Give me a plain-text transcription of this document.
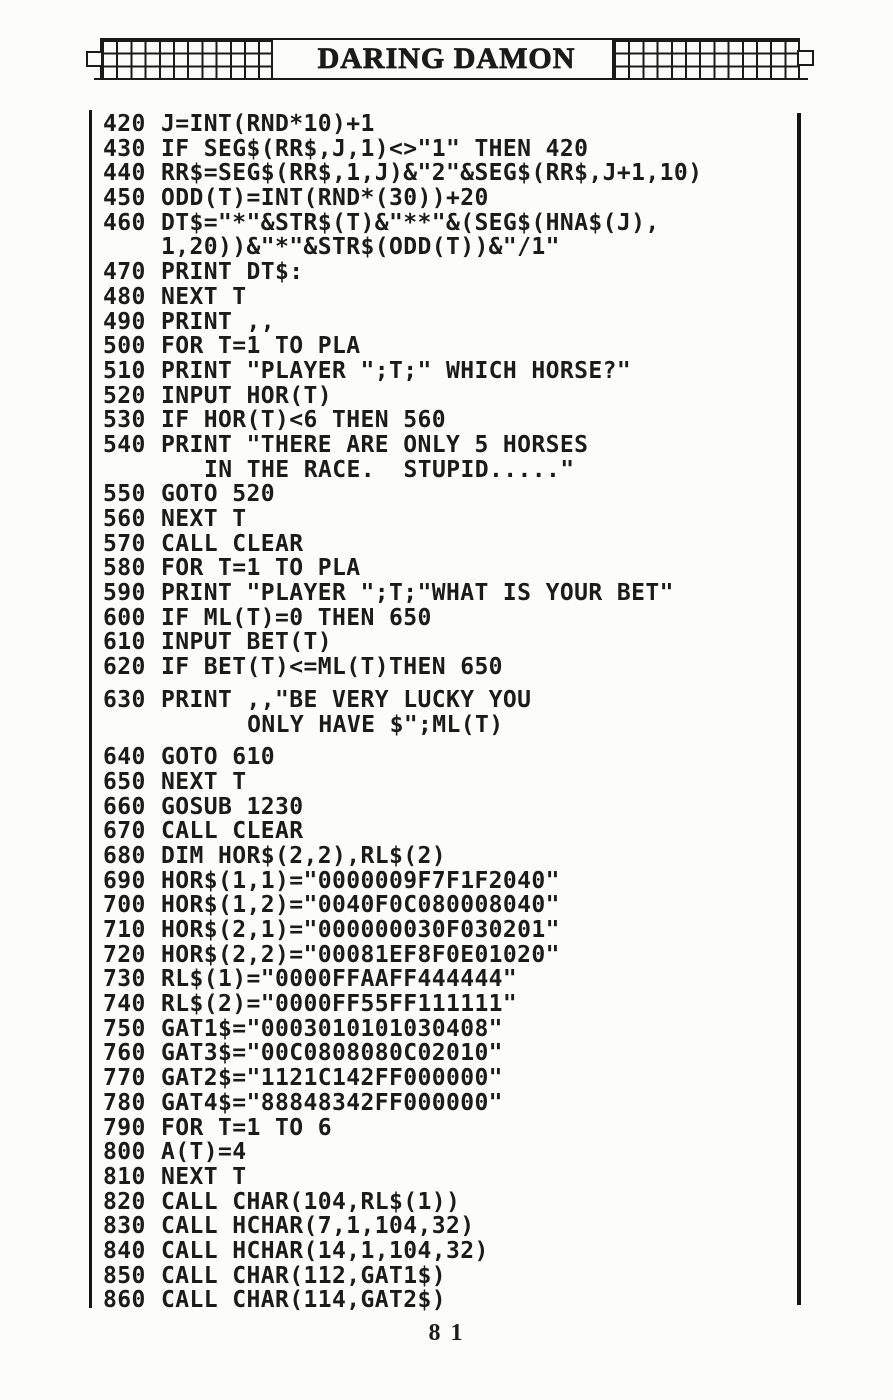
DARING DAMON
420 J=INT(RND*10)+1
430 IF SEG$(RR$,J,1)<>"1" THEN 420
440 RR$=SEG$(RR$,1,J)&"2"&SEG$(RR$,J+1,10)
450 ODD(T)=INT(RND*(30))+20
460 DT$="*"&STR$(T)&"**"&(SEG$(HNA$(J),
1,20))&"*"&STR$(ODD(T))&"/1"
470 PRINT DT$:
480 NEXT T
490 PRINT ,,
500 FOR T=1 TO PLA
510 PRINT "PLAYER ";T;" WHICH HORSE?"
520 INPUT HOR(T)
530 IF HOR(T)<6 THEN 560
540 PRINT "THERE ARE ONLY 5 HORSES
IN THE RACE.  STUPID....."
550 GOTO 520
560 NEXT T
570 CALL CLEAR
580 FOR T=1 TO PLA
590 PRINT "PLAYER ";T;"WHAT IS YOUR BET"
600 IF ML(T)=0 THEN 650
610 INPUT BET(T)
620 IF BET(T)<=ML(T)THEN 650
630 PRINT ,,"BE VERY LUCKY YOU
ONLY HAVE $";ML(T)
640 GOTO 610
650 NEXT T
660 GOSUB 1230
670 CALL CLEAR
680 DIM HOR$(2,2),RL$(2)
690 HOR$(1,1)="0000009F7F1F2040"
700 HOR$(1,2)="0040F0C080008040"
710 HOR$(2,1)="000000030F030201"
720 HOR$(2,2)="00081EF8F0E01020"
730 RL$(1)="0000FFAAFF444444"
740 RL$(2)="0000FF55FF111111"
750 GAT1$="0003010101030408"
760 GAT3$="00C0808080C02010"
770 GAT2$="1121C142FF000000"
780 GAT4$="88848342FF000000"
790 FOR T=1 TO 6
800 A(T)=4
810 NEXT T
820 CALL CHAR(104,RL$(1))
830 CALL HCHAR(7,1,104,32)
840 CALL HCHAR(14,1,104,32)
850 CALL CHAR(112,GAT1$)
860 CALL CHAR(114,GAT2$)
8 1
